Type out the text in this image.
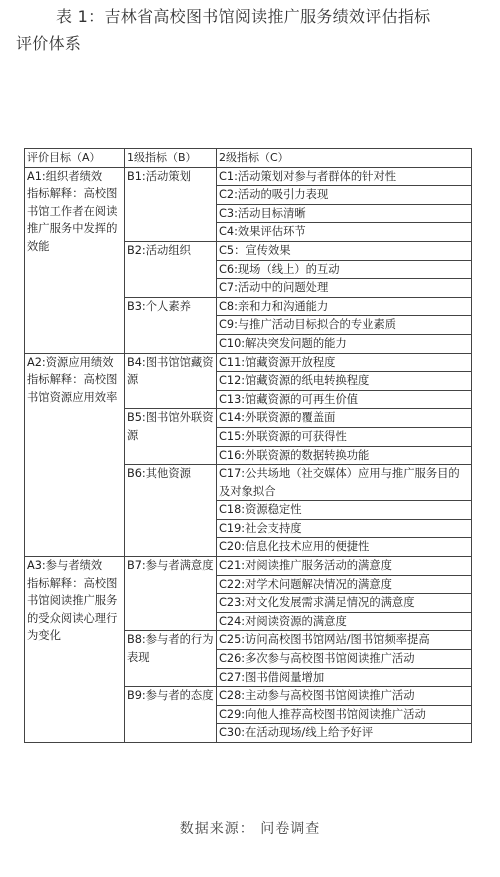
表 1：吉林省高校图书馆阅读推广服务绩效评估指标
评价体系
评价目标（A）	1级指标（B）	2级指标（C）

A1:组织者绩效
指标解释：高校图书馆工作者在阅读推广服务中发挥的效能	B1:活动策划	C1:活动策划对参与者群体的针对性
		C2:活动的吸引力表现
		C3:活动目标清晰
		C4:效果评估环节
	B2:活动组织	C5：宣传效果
		C6:现场（线上）的互动
		C7:活动中的问题处理
	B3:个人素养	C8:亲和力和沟通能力
		C9:与推广活动目标拟合的专业素质
		C10:解决突发问题的能力

A2:资源应用绩效
指标解释：高校图书馆资源应用效率	B4:图书馆馆藏资源	C11:馆藏资源开放程度
		C12:馆藏资源的纸电转换程度
		C13:馆藏资源的可再生价值
	B5:图书馆外联资源	C14:外联资源的覆盖面
		C15:外联资源的可获得性
		C16:外联资源的数据转换功能
	B6:其他资源	C17:公共场地（社交媒体）应用与推广服务目的及对象拟合
		C18:资源稳定性
		C19:社会支持度
		C20:信息化技术应用的便捷性

A3:参与者绩效
指标解释：高校图书馆阅读推广服务的受众阅读心理行为变化	B7:参与者满意度	C21:对阅读推广服务活动的满意度
		C22:对学术问题解决情况的满意度
		C23:对文化发展需求满足情况的满意度
		C24:对阅读资源的满意度
	B8:参与者的行为表现	C25:访问高校图书馆网站/图书馆频率提高
		C26:多次参与高校图书馆阅读推广活动
		C27:图书借阅量增加
	B9:参与者的态度	C28:主动参与高校图书馆阅读推广活动
		C29:向他人推荐高校图书馆阅读推广活动
		C30:在活动现场/线上给予好评
数据来源： 问卷调查
